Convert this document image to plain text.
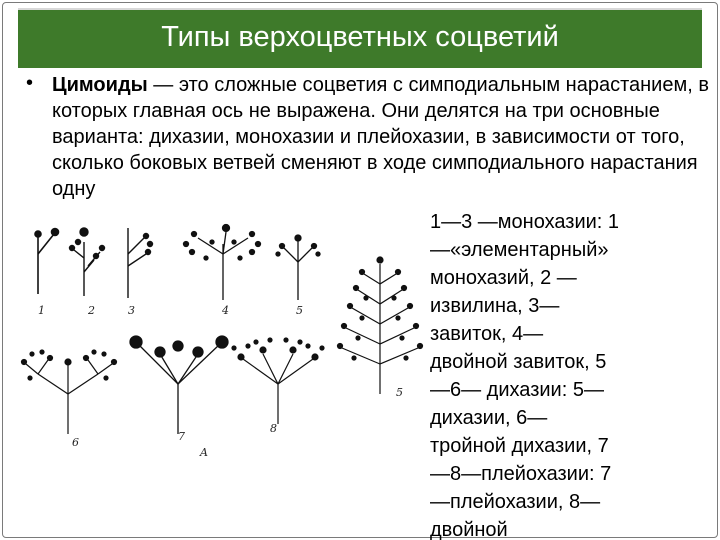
Типы верхоцветных соцветий
• Цимоиды — это сложные соцветия с симподиальным нарастанием, в которых главная ось не выражена. Они делятся на три основные варианта: дихазии, монохазии и плейохазии, в зависимости от того, сколько боковых ветвей сменяют в ходе симподиального нарастания одну
1	2	3	4	5
5
6	7
A
8
1—3 —монохазии: 1
—«элементарный»
монохазий, 2 —
извилина, 3—
завиток, 4—
двойной завиток, 5
—6— дихазии: 5—
дихазии, 6—
тройной дихазии, 7
—8—плейохазии: 7
—плейохазии, 8—
двойной
